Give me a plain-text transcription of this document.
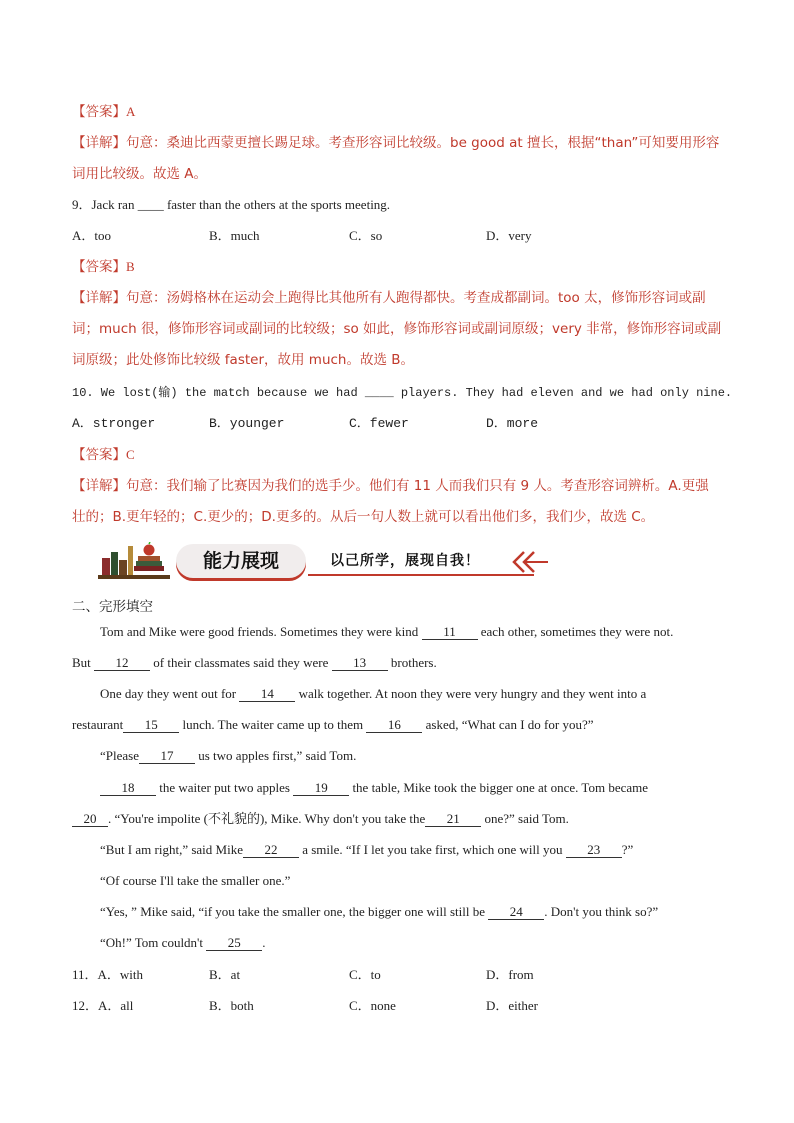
【答案】A
【详解】句意：桑迪比西蒙更擅长踢足球。考查形容词比较级。be good at 擅长，根据“than”可知要用形容
词用比较级。故选 A。
9．Jack ran ____ faster than the others at the sports meeting.
A．too	B．much	C．so	D．very
【答案】B
【详解】句意：汤姆格林在运动会上跑得比其他所有人跑得都快。考查成都副词。too 太，修饰形容词或副
词；much 很，修饰形容词或副词的比较级；so 如此，修饰形容词或副词原级；very 非常，修饰形容词或副
词原级；此处修饰比较级 faster，故用 much。故选 B。
10. We lost(输) the match because we had ____ players. They had eleven and we had only nine.
A．stronger	B．younger	C．fewer	D．more
【答案】C
【详解】句意：我们输了比赛因为我们的选手少。他们有 11 人而我们只有 9 人。考查形容词辨析。A.更强
壮的；B.更年轻的；C.更少的；D.更多的。从后一句人数上就可以看出他们多，我们少，故选 C。
能力展现	以己所学，展现自我！
二、完形填空
Tom and Mike were good friends. Sometimes they were kind 11 each other, sometimes they were not.
But 12 of their classmates said they were 13 brothers.
One day they went out for 14 walk together. At noon they were very hungry and they went into a
restaurant 15 lunch. The waiter came up to them 16 asked, “What can I do for you?”
“Please 17 us two apples first,” said Tom.
18 the waiter put two apples 19 the table, Mike took the bigger one at once. Tom became
20 . “You're impolite (不礼貌的), Mike. Why don't you take the 21 one?” said Tom.
“But I am right,” said Mike 22 a smile. “If I let you take first, which one will you 23 ?”
“Of course I'll take the smaller one.”
“Yes, ” Mike said, “if you take the smaller one, the bigger one will still be 24 . Don't you think so?”
“Oh!” Tom couldn't 25 .
11．A．with	B．at	C．to	D．from
12．A．all	B．both	C．none	D．either
